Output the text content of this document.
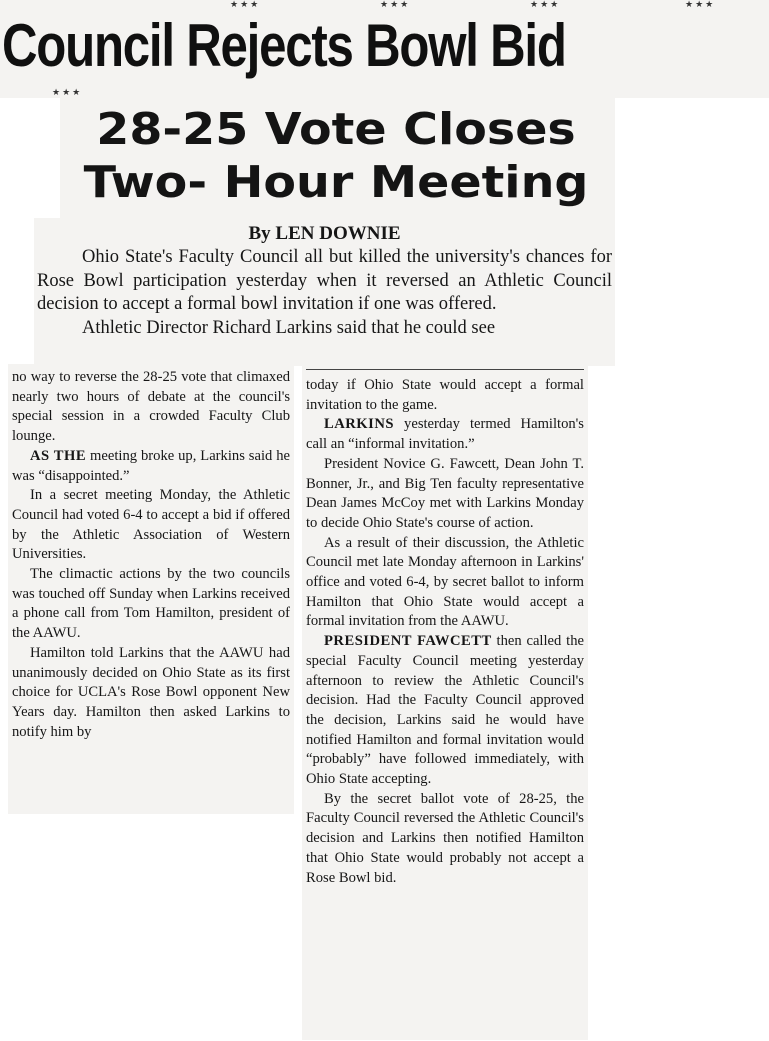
★★★	★★★	★★★	★★★
Council Rejects Bowl Bid
★★★
28-25 Vote Closes
Two- Hour Meeting
By LEN DOWNIE

Ohio State's Faculty Council all but killed the university's chances for Rose Bowl participation yesterday when it reversed an Athletic Council decision to accept a formal bowl invitation if one was offered.

Athletic Director Richard Larkins said that he could see

no way to reverse the 28-25 vote that climaxed nearly two hours of debate at the council's special session in a crowded Faculty Club lounge.

AS THE meeting broke up, Larkins said he was “disappointed.”

In a secret meeting Monday, the Athletic Council had voted 6-4 to accept a bid if offered by the Athletic Association of Western Universities.

The climactic actions by the two councils was touched off Sunday when Larkins received a phone call from Tom Hamilton, president of the AAWU.

Hamilton told Larkins that the AAWU had unanimously decided on Ohio State as its first choice for UCLA's Rose Bowl opponent New Years day. Hamilton then asked Larkins to notify him by

today if Ohio State would accept a formal invitation to the game.

LARKINS yesterday termed Hamilton's call an “informal invitation.”

President Novice G. Fawcett, Dean John T. Bonner, Jr., and Big Ten faculty representative Dean James McCoy met with Larkins Monday to decide Ohio State's course of action.

As a result of their discussion, the Athletic Council met late Monday afternoon in Larkins' office and voted 6-4, by secret ballot to inform Hamilton that Ohio State would accept a formal invitation from the AAWU.

PRESIDENT FAWCETT then called the special Faculty Council meeting yesterday afternoon to review the Athletic Council's decision. Had the Faculty Council approved the decision, Larkins said he would have notified Hamilton and formal invitation would “probably” have followed immediately, with Ohio State accepting.

By the secret ballot vote of 28-25, the Faculty Council reversed the Athletic Council's decision and Larkins then notified Hamilton that Ohio State would probably not accept a Rose Bowl bid.
